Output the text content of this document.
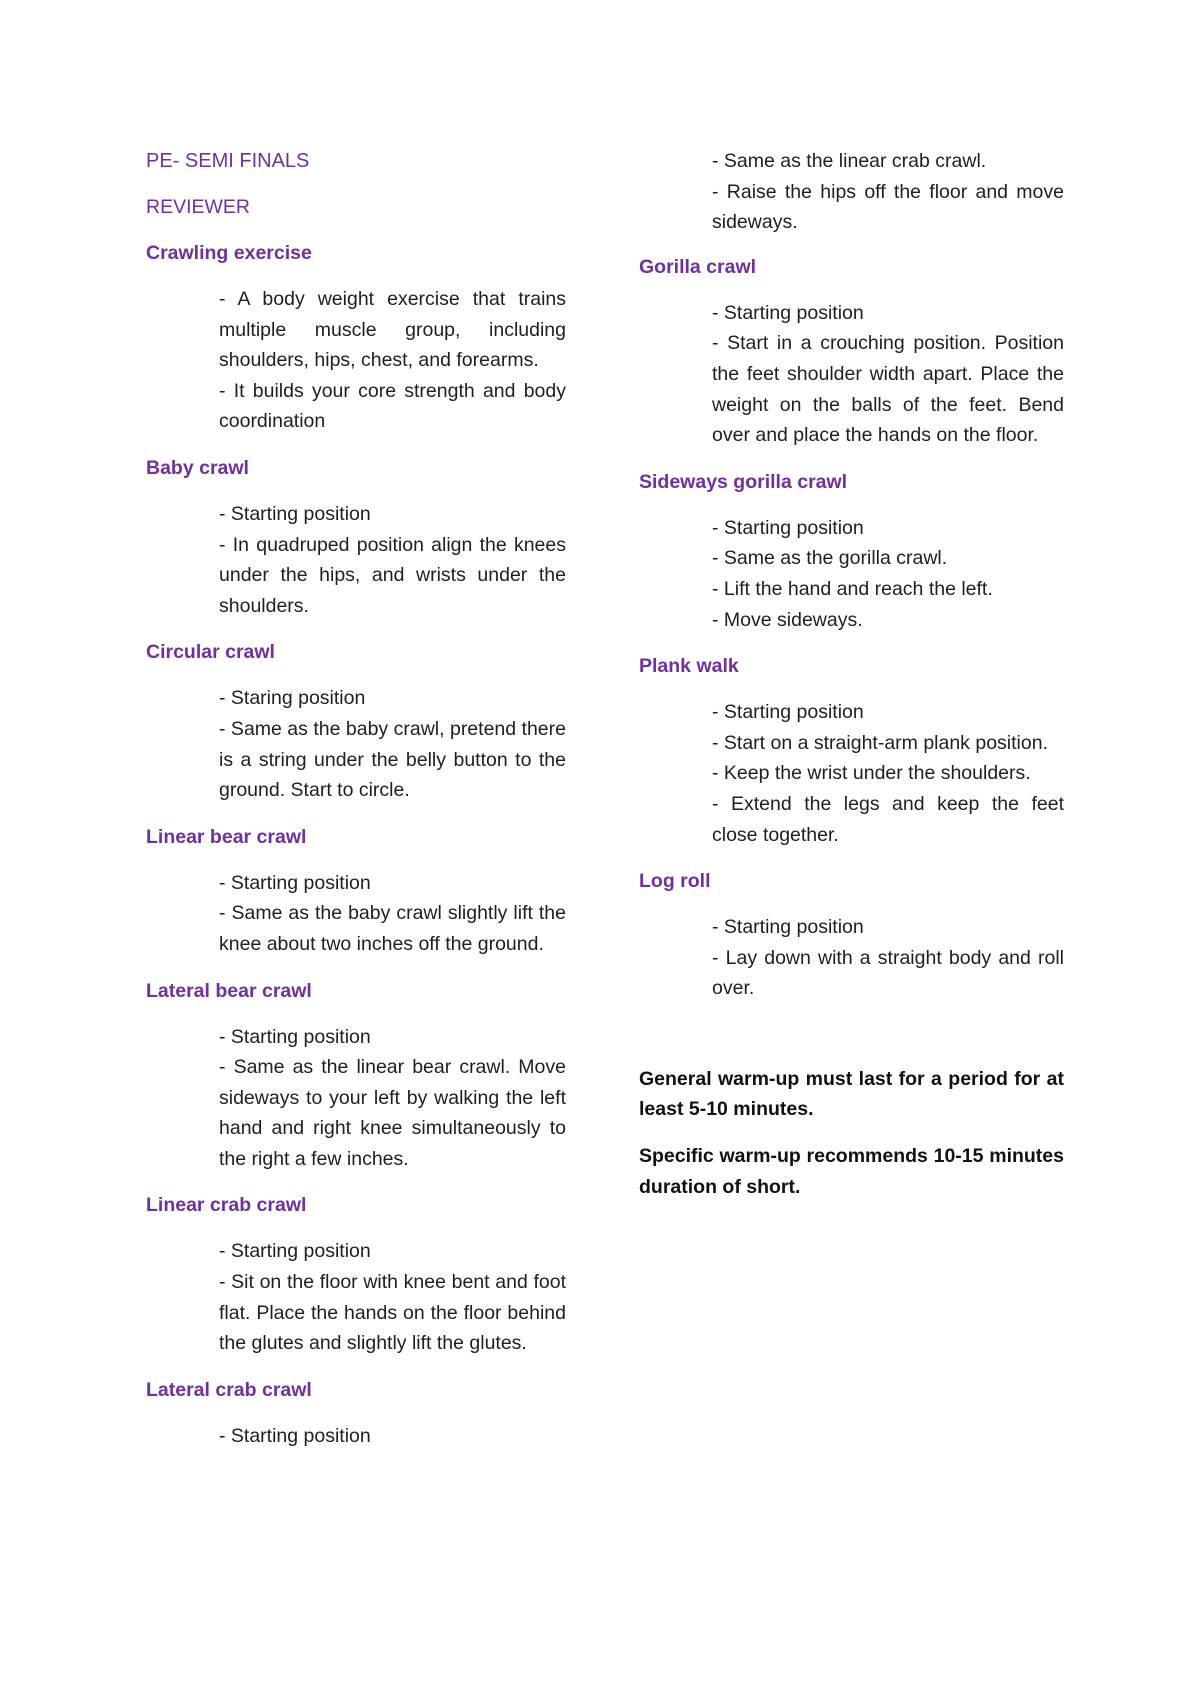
PE- SEMI FINALS
REVIEWER
Crawling exercise
- A body weight exercise that trains multiple muscle group, including shoulders, hips, chest, and forearms.
- It builds your core strength and body coordination
Baby crawl
- Starting position
- In quadruped position align the knees under the hips, and wrists under the shoulders.
Circular crawl
- Staring position
- Same as the baby crawl, pretend there is a string under the belly button to the ground. Start to circle.
Linear bear crawl
- Starting position
- Same as the baby crawl slightly lift the knee about two inches off the ground.
Lateral bear crawl
- Starting position
- Same as the linear bear crawl. Move sideways to your left by walking the left hand and right knee simultaneously to the right a few inches.
Linear crab crawl
- Starting position
- Sit on the floor with knee bent and foot flat. Place the hands on the floor behind the glutes and slightly lift the glutes.
Lateral crab crawl
- Starting position
- Same as the linear crab crawl.
- Raise the hips off the floor and move sideways.
Gorilla crawl
- Starting position
- Start in a crouching position. Position the feet shoulder width apart. Place the weight on the balls of the feet. Bend over and place the hands on the floor.
Sideways gorilla crawl
- Starting position
- Same as the gorilla crawl.
- Lift the hand and reach the left.
- Move sideways.
Plank walk
- Starting position
- Start on a straight-arm plank position.
- Keep the wrist under the shoulders.
- Extend the legs and keep the feet close together.
Log roll
- Starting position
- Lay down with a straight body and roll over.

General warm-up must last for a period for at least 5-10 minutes.

Specific warm-up recommends 10-15 minutes duration of short.
